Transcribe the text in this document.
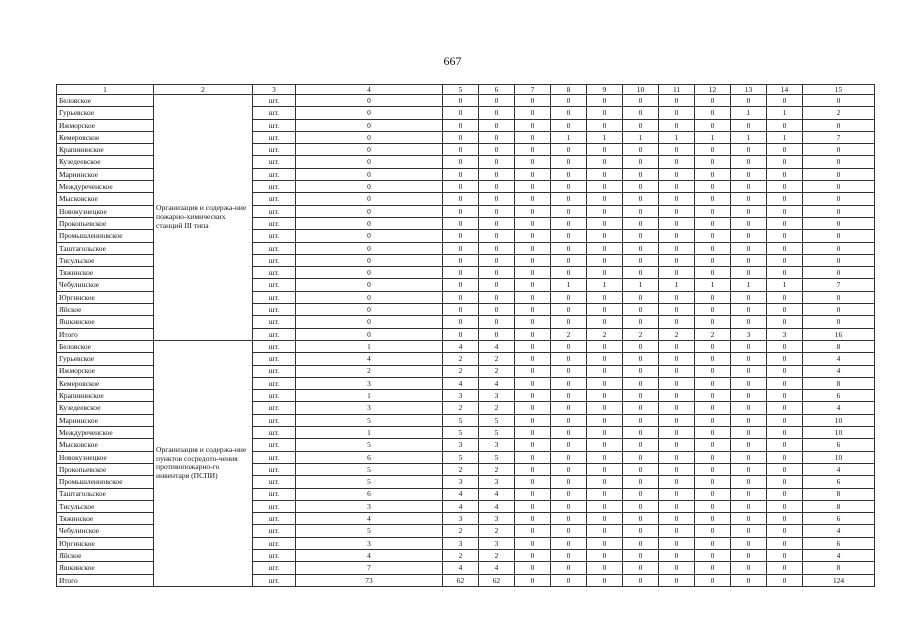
667
1	2	3	4	5	6	7	8	9	10	11	12	13	14	15
Беловское	Организация и содержа-ние пожарно-химических станций III типа	шт.	0	0	0	0	0	0	0	0	0	0	0	0
Гурьевское		шт.	0	0	0	0	0	0	0	0	0	1	1	2
Ижморское		шт.	0	0	0	0	0	0	0	0	0	0	0	0
Кемеровское		шт.	0	0	0	0	1	1	1	1	1	1	1	7
Крапивинское		шт.	0	0	0	0	0	0	0	0	0	0	0	0
Кузедеевское		шт.	0	0	0	0	0	0	0	0	0	0	0	0
Мариинское		шт.	0	0	0	0	0	0	0	0	0	0	0	0
Междуреченское		шт.	0	0	0	0	0	0	0	0	0	0	0	0
Мысковское		шт.	0	0	0	0	0	0	0	0	0	0	0	0
Новокузнецкое		шт.	0	0	0	0	0	0	0	0	0	0	0	0
Прокопьевское		шт.	0	0	0	0	0	0	0	0	0	0	0	0
Промышленновское		шт.	0	0	0	0	0	0	0	0	0	0	0	0
Таштагольское		шт.	0	0	0	0	0	0	0	0	0	0	0	0
Тисульское		шт.	0	0	0	0	0	0	0	0	0	0	0	0
Тяжинское		шт.	0	0	0	0	0	0	0	0	0	0	0	0
Чебулинское		шт.	0	0	0	0	1	1	1	1	1	1	1	7
Юргинское		шт.	0	0	0	0	0	0	0	0	0	0	0	0
Яйское		шт.	0	0	0	0	0	0	0	0	0	0	0	0
Яшкинское		шт.	0	0	0	0	0	0	0	0	0	0	0	0
Итого		шт.	0	0	0	0	2	2	2	2	2	3	3	16
Беловское	Организация и содержа-ние пунктов сосредото-чения противопожарно-го инвентаря (ПСПИ)	шт.	1	4	4	0	0	0	0	0	0	0	0	8
Гурьевское		шт.	4	2	2	0	0	0	0	0	0	0	0	4
Ижморское		шт.	2	2	2	0	0	0	0	0	0	0	0	4
Кемеровское		шт.	3	4	4	0	0	0	0	0	0	0	0	8
Крапивинское		шт.	1	3	3	0	0	0	0	0	0	0	0	6
Кузедеевское		шт.	3	2	2	0	0	0	0	0	0	0	0	4
Мариинское		шт.	5	5	5	0	0	0	0	0	0	0	0	10
Междуреченское		шт.	1	5	5	0	0	0	0	0	0	0	0	10
Мысковское		шт.	5	3	3	0	0	0	0	0	0	0	0	6
Новокузнецкое		шт.	6	5	5	0	0	0	0	0	0	0	0	10
Прокопьевское		шт.	5	2	2	0	0	0	0	0	0	0	0	4
Промышленновское		шт.	5	3	3	0	0	0	0	0	0	0	0	6
Таштагольское		шт.	6	4	4	0	0	0	0	0	0	0	0	8
Тисульское		шт.	3	4	4	0	0	0	0	0	0	0	0	8
Тяжинское		шт.	4	3	3	0	0	0	0	0	0	0	0	6
Чебулинское		шт.	5	2	2	0	0	0	0	0	0	0	0	4
Юргинское		шт.	3	3	3	0	0	0	0	0	0	0	0	6
Яйское		шт.	4	2	2	0	0	0	0	0	0	0	0	4
Яшкинское		шт.	7	4	4	0	0	0	0	0	0	0	0	8
Итого		шт.	73	62	62	0	0	0	0	0	0	0	0	124
